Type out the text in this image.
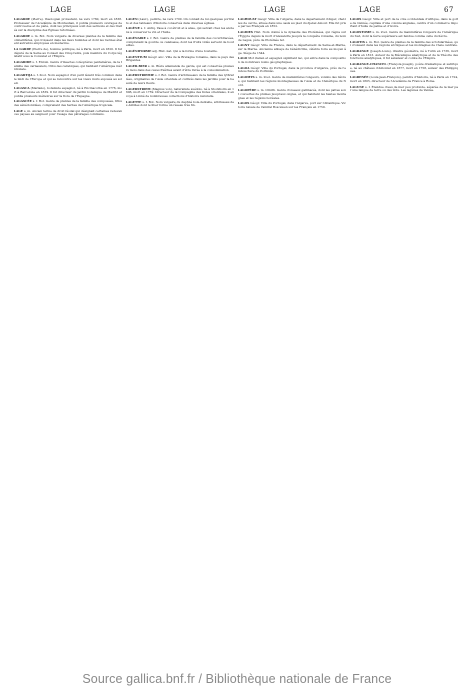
LAGE	LAGE	LAGE	LAGE	67

LAGARDE (Pierre), théologien protestant, né vers 1760, mort en 1838. Professeur de l'Académie de Montauban, il publia plusieurs ouvrages de controverse et de piété, dont les principaux sont des sermons et des traités sur la discipline des Églises réformées.

LAGARDE s. m. Bot. Nom vulgaire de diverses plantes de la famille des ombellifères, qui croissent dans les lieux humides et dont les racines étaient autrefois employées en médecine.

LA GARDE (Pierre de), homme politique, né à Paris, mort en 1820. Il fut député de la Seine au Conseil des Cinq-Cents, puis membre du Corps législatif sous le Consulat et l'Empire.

LAGARIDE s. f. Entom. Genre d'insectes coléoptères pentamères, de la famille des carnassiers, tribu des carabiques, qui habitent l'Amérique méridionale.

LAGARTIJA s. f. Zool. Nom espagnol d'un petit lézard très commun dans le midi de l'Europe et qui se rencontre sur les vieux murs exposés au soleil.

LAGASCA (Mariano), botaniste espagnol, né à Encinacorba en 1776, mort à Barcelone en 1839. Il fut directeur du jardin botanique de Madrid et publia plusieurs mémoires sur la flore de l'Espagne.

LAGASCÉE s. f. Bot. Genre de plantes de la famille des composées, tribu des sénécionidées, comprenant des herbes de l'Amérique tropicale.

LAGE s. m. Ancien terme de droit féodal qui désignait certaines redevances payées au seigneur pour l'usage des pâturages communs.

LAGEN (Laur.), peintre, né vers 1700. On connaît de lui quelques portraits et des tableaux d'histoire conservés dans diverses églises.

LAGÈNE s. f. Antiq. Vase à col étroit et à anse, qui servait chez les anciens à conserver le vin et l'huile.

LAGÉNAIRE s. f. Bot. Genre de plantes de la famille des cucurbitacées, comprenant la gourde ou calebasse, dont les fruits vidés servent de bouteilles.

LAGÉNIFORME adj. Hist. nat. Qui a la forme d'une bouteille.

LAGENTIUM Géogr. anc. Ville de la Bretagne romaine, dans le pays des Brigantes.

LAGER-BIER s. m. Bière allemande de garde, qui est conservée plusieurs mois dans des caves fraîches avant d'être livrée à la consommation.

LAGERSTRŒMIE s. f. Bot. Genre d'arbrisseaux de la famille des lythrariées, originaires de l'Asie orientale et cultivés dans les jardins pour la beauté de leurs fleurs.

LAGERSTRŒM (Magnus von), naturaliste suédois, né à Stockholm en 1696, mort en 1759. Directeur de la Compagnie des Indes orientales, il envoya à Linné de nombreuses collections d'histoire naturelle.

LAGETTE s. f. Bot. Nom vulgaire du daphné bois-dentelle, arbrisseau des Antilles dont le liber forme un réseau très fin.

LAGHOUAT Géogr. Ville de l'Algérie, dans le département d'Alger, chef-lieu de cercle, située dans une oasis au pied du djebel Amour. Elle fut prise par les Français en 1852.

LAGIDES Hist. Nom donné à la dynastie des Ptolémées, qui régna sur l'Égypte depuis la mort d'Alexandre jusqu'à la conquête romaine, du nom de Lagus, père de Ptolémée Ier.

LAGNY Géogr. Ville de France, dans le département de Seine-et-Marne, sur la Marne. Ancienne abbaye de bénédictins, célèbre foire au moyen âge. Siège de 1544.

LAGO Mot italien et espagnol signifiant lac, qui entre dans la composition de nombreux noms géographiques.

LAGOA Géogr. Ville du Portugal, dans la province d'Algarve, près de l'embouchure du Portimão.

LAGOMYS s. m. Zool. Genre de mammifères rongeurs, voisins des lièvres, qui habitent les régions montagneuses de l'Asie et de l'Amérique du Nord.

LAGOPÈDE s. m. Ornith. Genre d'oiseaux gallinacés, dont les pattes sont couvertes de plumes jusqu'aux ongles, et qui habitent les hautes montagnes et les régions boréales.

LAGOS Géogr. Ville du Portugal, dans l'Algarve, port sur l'Atlantique. Victoire navale de l'amiral Boscawen sur les Français en 1759.

LAGOS Géogr. Ville et port de la côte occidentale d'Afrique, dans le golfe de Guinée, capitale d'une colonie anglaise, centre d'un commerce important d'huile de palme et d'ivoire.

LAGOSTOME s. m. Zool. Genre de mammifères rongeurs de l'Amérique du Sud, dont la lèvre supérieure est fendue comme celle du lièvre.

LAGOTIS s. m. Bot. Genre de plantes de la famille des scrofularinées, qui croissent dans les régions arctiques et les montagnes de l'Asie centrale.

LAGRANGE (Joseph-Louis), illustre géomètre, né à Turin en 1736, mort à Paris en 1813. Auteur de la Mécanique analytique et de la Théorie des fonctions analytiques, il fut sénateur et comte de l'Empire.

LAGRANGE-CHANCEL (François-Joseph), poète dramatique et satirique, né au château d'Antoniat en 1677, mort en 1758, auteur des Philippiques.

LAGRENÉE (Louis-Jean-François), peintre d'histoire, né à Paris en 1724, mort en 1805, directeur de l'Académie de France à Rome.

LAGUNE s. f. Étendue d'eau de mer peu profonde, séparée de la mer par une langue de terre ou des îlots. Les lagunes de Venise.

Source gallica.bnf.fr / Bibliothèque nationale de France
